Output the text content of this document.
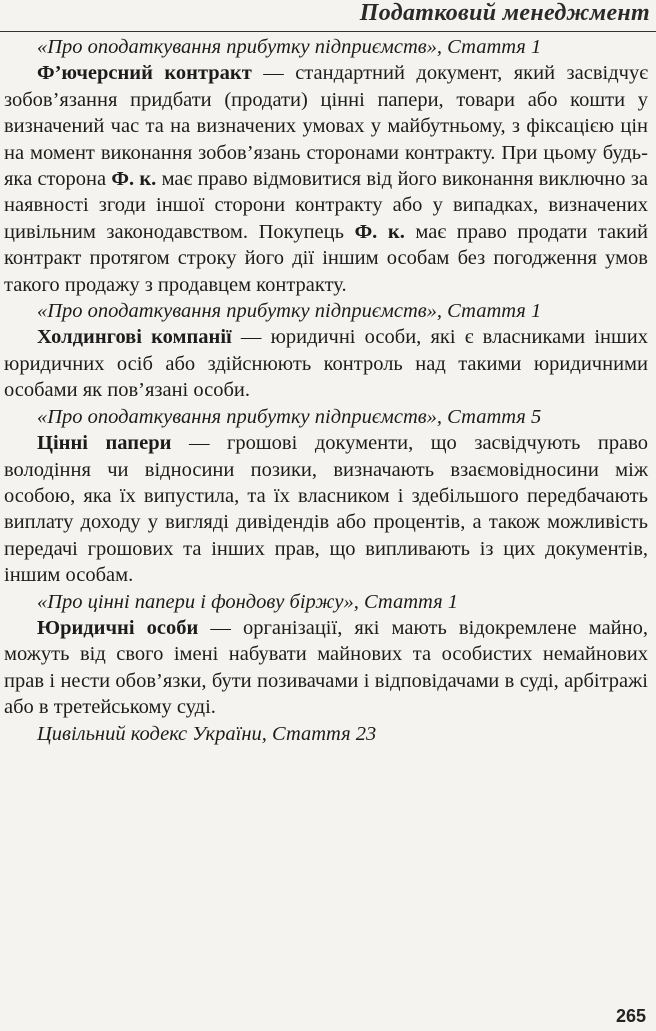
Податковий менеджмент

«Про оподаткування прибутку підприємств», Стаття 1

Ф’ючерсний контракт — стандартний документ, який засвідчує зобов’язання придбати (продати) цінні папери, товари або кошти у визначений час та на визначених умовах у майбутньому, з фіксацією цін на момент виконання зобов’язань сторонами контракту. При цьому будь-яка сторона Ф. к. має право відмовитися від його виконання виключно за наявності згоди іншої сторони контракту або у випадках, визначених цивільним законодавством. Покупець Ф. к. має право продати такий контракт протягом строку його дії іншим особам без погодження умов такого продажу з продавцем контракту.

«Про оподаткування прибутку підприємств», Стаття 1

Холдингові компанії — юридичні особи, які є власниками інших юридичних осіб або здійснюють контроль над такими юридичними особами як пов’язані особи.

«Про оподаткування прибутку підприємств», Стаття 5

Цінні папери — грошові документи, що засвідчують право володіння чи відносини позики, визначають взаємовідносини між особою, яка їх випустила, та їх власником і здебільшого передбачають виплату доходу у вигляді дивідендів або процентів, а також можливість передачі грошових та інших прав, що випливають із цих документів, іншим особам.

«Про цінні папери і фондову біржу», Стаття 1

Юридичні особи — організації, які мають відокремлене майно, можуть від свого імені набувати майнових та особистих немайнових прав і нести обов’язки, бути позивачами і відповідачами в суді, арбітражі або в третейському суді.

Цивільний кодекс України, Стаття 23

265
